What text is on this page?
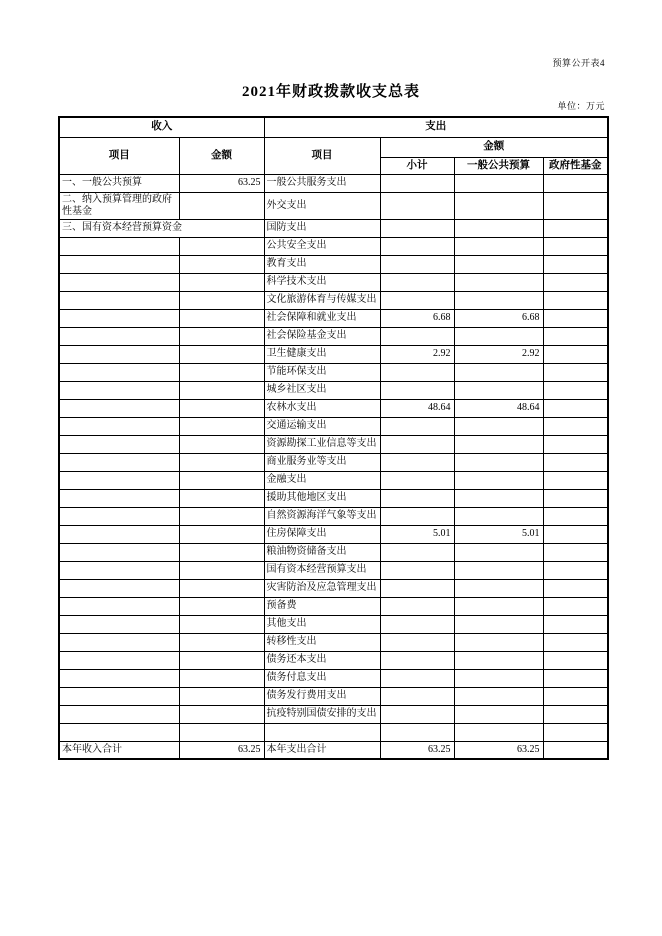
预算公开表4
2021年财政拨款收支总表
单位：万元
收入		支出			
项目	金额	项目	金额		
			小计	一般公共预算	政府性基金
一、一般公共预算	63.25	一般公共服务支出			
二、纳入预算管理的政府性基金		外交支出			
三、国有资本经营预算资金		国防支出			
		公共安全支出			
		教育支出			
		科学技术支出			
		文化旅游体育与传媒支出			
		社会保障和就业支出	6.68	6.68	
		社会保险基金支出			
		卫生健康支出	2.92	2.92	
		节能环保支出			
		城乡社区支出			
		农林水支出	48.64	48.64	
		交通运输支出			
		资源勘探工业信息等支出			
		商业服务业等支出			
		金融支出			
		援助其他地区支出			
		自然资源海洋气象等支出			
		住房保障支出	5.01	5.01	
		粮油物资储备支出			
		国有资本经营预算支出			
		灾害防治及应急管理支出			
		预备费			
		其他支出			
		转移性支出			
		债务还本支出			
		债务付息支出			
		债务发行费用支出			
		抗疫特别国债安排的支出			

本年收入合计	63.25	本年支出合计	63.25	63.25	
